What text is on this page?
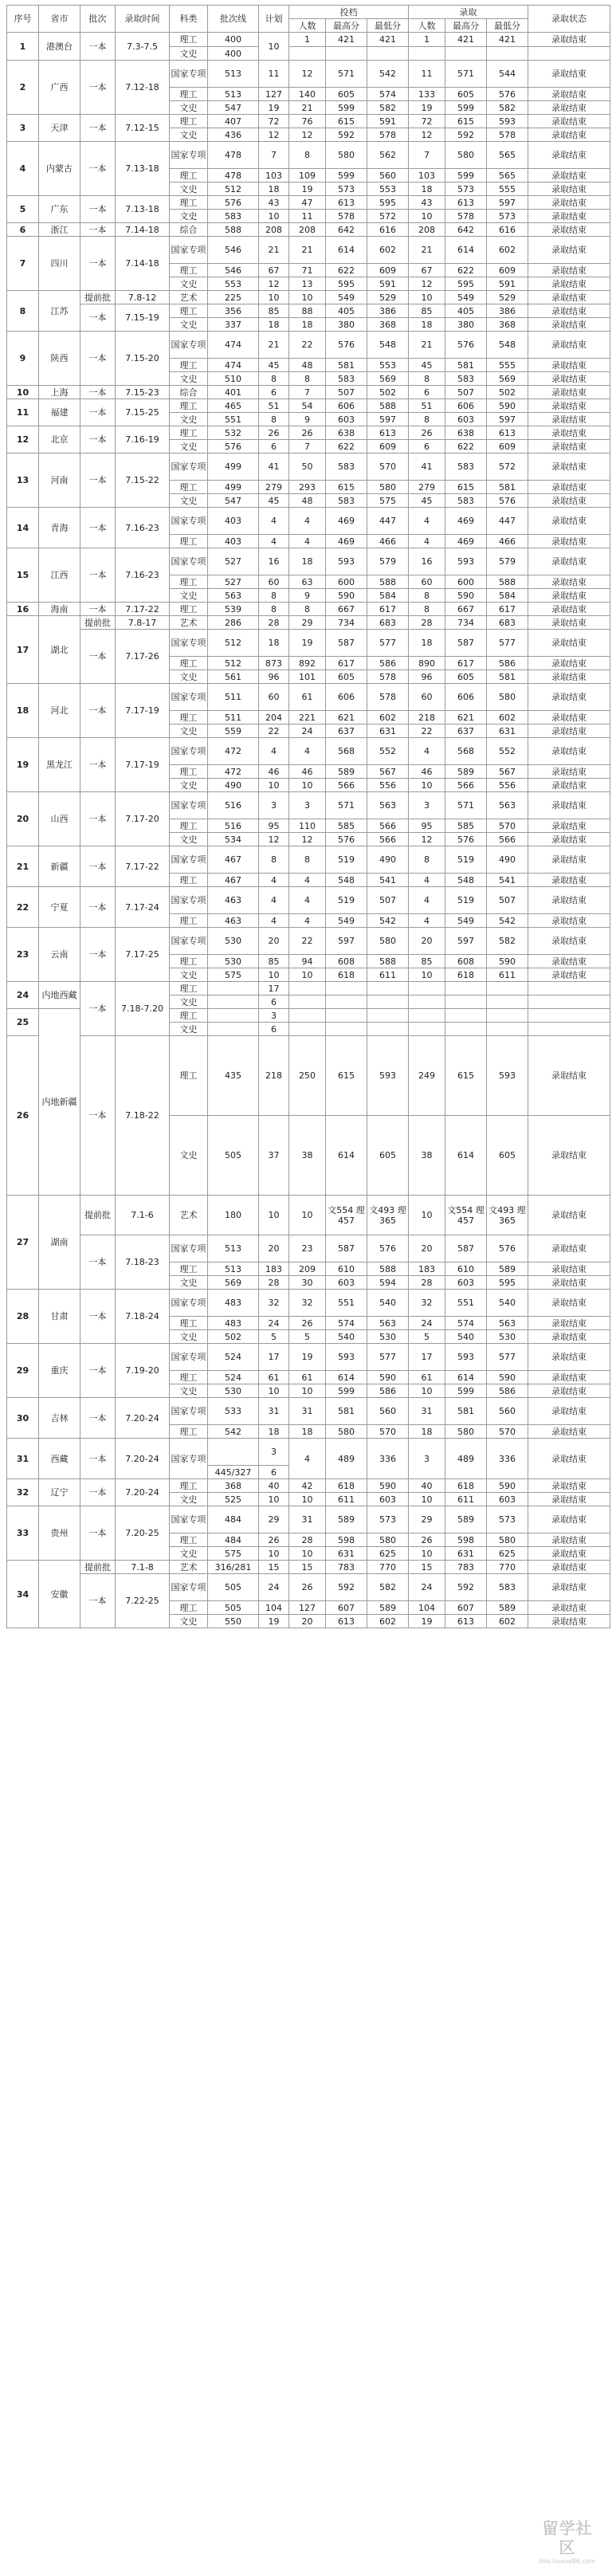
序号	省市	批次	录取时间	科类	批次线	计划	投档			录取			录取状态
							人数	最高分	最低分	人数	最高分	最低分	
1	港澳台	一本	7.3-7.5	理工	400	10	1	421	421	1	421	421	录取结束
				文史	400								
2	广西	一本	7.12-18	国家专项	513	11	12	571	542	11	571	544	录取结束
				理工	513	127	140	605	574	133	605	576	录取结束
				文史	547	19	21	599	582	19	599	582	录取结束
3	天津	一本	7.12-15	理工	407	72	76	615	591	72	615	593	录取结束
				文史	436	12	12	592	578	12	592	578	录取结束
4	内蒙古	一本	7.13-18	国家专项	478	7	8	580	562	7	580	565	录取结束
				理工	478	103	109	599	560	103	599	565	录取结束
				文史	512	18	19	573	553	18	573	555	录取结束
5	广东	一本	7.13-18	理工	576	43	47	613	595	43	613	597	录取结束
				文史	583	10	11	578	572	10	578	573	录取结束
6	浙江	一本	7.14-18	综合	588	208	208	642	616	208	642	616	录取结束
7	四川	一本	7.14-18	国家专项	546	21	21	614	602	21	614	602	录取结束
				理工	546	67	71	622	609	67	622	609	录取结束
				文史	553	12	13	595	591	12	595	591	录取结束
8	江苏	提前批	7.8-12	艺术	225	10	10	549	529	10	549	529	录取结束
		一本	7.15-19	理工	356	85	88	405	386	85	405	386	录取结束
				文史	337	18	18	380	368	18	380	368	录取结束
9	陕西	一本	7.15-20	国家专项	474	21	22	576	548	21	576	548	录取结束
				理工	474	45	48	581	553	45	581	555	录取结束
				文史	510	8	8	583	569	8	583	569	录取结束
10	上海	一本	7.15-23	综合	401	6	7	507	502	6	507	502	录取结束
11	福建	一本	7.15-25	理工	465	51	54	606	588	51	606	590	录取结束
				文史	551	8	9	603	597	8	603	597	录取结束
12	北京	一本	7.16-19	理工	532	26	26	638	613	26	638	613	录取结束
				文史	576	6	7	622	609	6	622	609	录取结束
13	河南	一本	7.15-22	国家专项	499	41	50	583	570	41	583	572	录取结束
				理工	499	279	293	615	580	279	615	581	录取结束
				文史	547	45	48	583	575	45	583	576	录取结束
14	青海	一本	7.16-23	国家专项	403	4	4	469	447	4	469	447	录取结束
				理工	403	4	4	469	466	4	469	466	录取结束
15	江西	一本	7.16-23	国家专项	527	16	18	593	579	16	593	579	录取结束
				理工	527	60	63	600	588	60	600	588	录取结束
				文史	563	8	9	590	584	8	590	584	录取结束
16	海南	一本	7.17-22	理工	539	8	8	667	617	8	667	617	录取结束
17	湖北	提前批	7.8-17	艺术	286	28	29	734	683	28	734	683	录取结束
		一本	7.17-26	国家专项	512	18	19	587	577	18	587	577	录取结束
				理工	512	873	892	617	586	890	617	586	录取结束
				文史	561	96	101	605	578	96	605	581	录取结束
18	河北	一本	7.17-19	国家专项	511	60	61	606	578	60	606	580	录取结束
				理工	511	204	221	621	602	218	621	602	录取结束
				文史	559	22	24	637	631	22	637	631	录取结束
19	黑龙江	一本	7.17-19	国家专项	472	4	4	568	552	4	568	552	录取结束
				理工	472	46	46	589	567	46	589	567	录取结束
				文史	490	10	10	566	556	10	566	556	录取结束
20	山西	一本	7.17-20	国家专项	516	3	3	571	563	3	571	563	录取结束
				理工	516	95	110	585	566	95	585	570	录取结束
				文史	534	12	12	576	566	12	576	566	录取结束
21	新疆	一本	7.17-22	国家专项	467	8	8	519	490	8	519	490	录取结束
				理工	467	4	4	548	541	4	548	541	录取结束
22	宁夏	一本	7.17-24	国家专项	463	4	4	519	507	4	519	507	录取结束
				理工	463	4	4	549	542	4	549	542	录取结束
23	云南	一本	7.17-25	国家专项	530	20	22	597	580	20	597	582	录取结束
				理工	530	85	94	608	588	85	608	590	录取结束
				文史	575	10	10	618	611	10	618	611	录取结束
24	内地西藏	一本	7.18-7.20	理工		17							
				文史		6							
25	内地新疆			理工		3							
				文史		6							
26		一本	7.18-22	理工	435	218	250	615	593	249	615	593	录取结束
				文史	505	37	38	614	605	38	614	605	录取结束
27	湖南	提前批	7.1-6	艺术	180	10	10	文554 理457	文493 理365	10	文554 理457	文493 理365	录取结束
		一本	7.18-23	国家专项	513	20	23	587	576	20	587	576	录取结束
				理工	513	183	209	610	588	183	610	589	录取结束
				文史	569	28	30	603	594	28	603	595	录取结束
28	甘肃	一本	7.18-24	国家专项	483	32	32	551	540	32	551	540	录取结束
				理工	483	24	26	574	563	24	574	563	录取结束
				文史	502	5	5	540	530	5	540	530	录取结束
29	重庆	一本	7.19-20	国家专项	524	17	19	593	577	17	593	577	录取结束
				理工	524	61	61	614	590	61	614	590	录取结束
				文史	530	10	10	599	586	10	599	586	录取结束
30	吉林	一本	7.20-24	国家专项	533	31	31	581	560	31	581	560	录取结束
				理工	542	18	18	580	570	18	580	570	录取结束
31	西藏	一本	7.20-24	国家专项		3	4	489	336	3	489	336	录取结束
					445/327	6							
32	辽宁	一本	7.20-24	理工	368	40	42	618	590	40	618	590	录取结束
				文史	525	10	10	611	603	10	611	603	录取结束
33	贵州	一本	7.20-25	国家专项	484	29	31	589	573	29	589	573	录取结束
				理工	484	26	28	598	580	26	598	580	录取结束
				文史	575	10	10	631	625	10	631	625	录取结束
34	安徽	提前批	7.1-8	艺术	316/281	15	15	783	770	15	783	770	录取结束
		一本	7.22-25	国家专项	505	24	26	592	582	24	592	583	录取结束
				理工	505	104	127	607	589	104	607	589	录取结束
				文史	550	19	20	613	602	19	613	602	录取结束
留学社区
bbs.liuxue86.com
